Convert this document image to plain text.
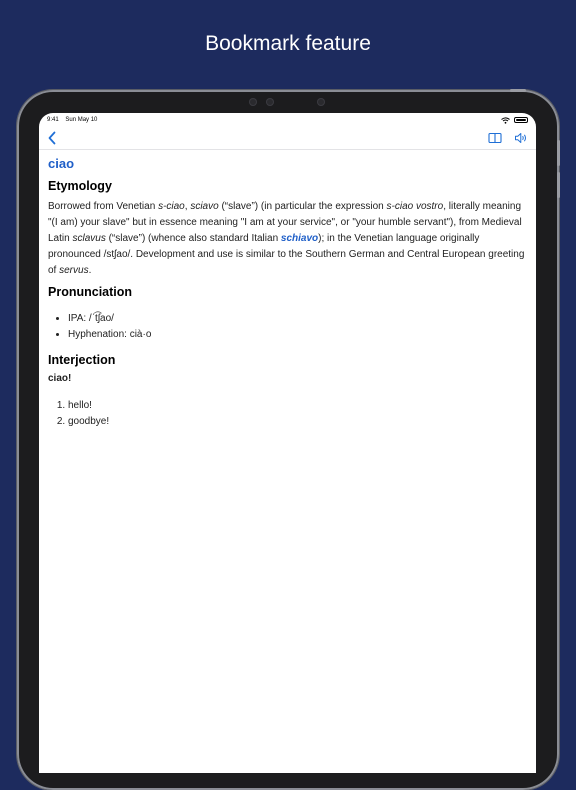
Bookmark feature
9:41 Sun May 10
ciao
Etymology

Borrowed from Venetian s-ciao, sciavo (“slave”) (in particular the expression s-ciao vostro, literally meaning "(I am) your slave" but in essence meaning "I am at your service", or "your humble servant"), from Medieval Latin sclavus (“slave”) (whence also standard Italian schiavo); in the Venetian language originally pronounced /stʃao/. Development and use is similar to the Southern German and Central European greeting of servus.

Pronunciation
• IPA: /ˈt͡ʃao/
• Hyphenation: cià·o
Interjection
ciao!
1. hello!
2. goodbye!
